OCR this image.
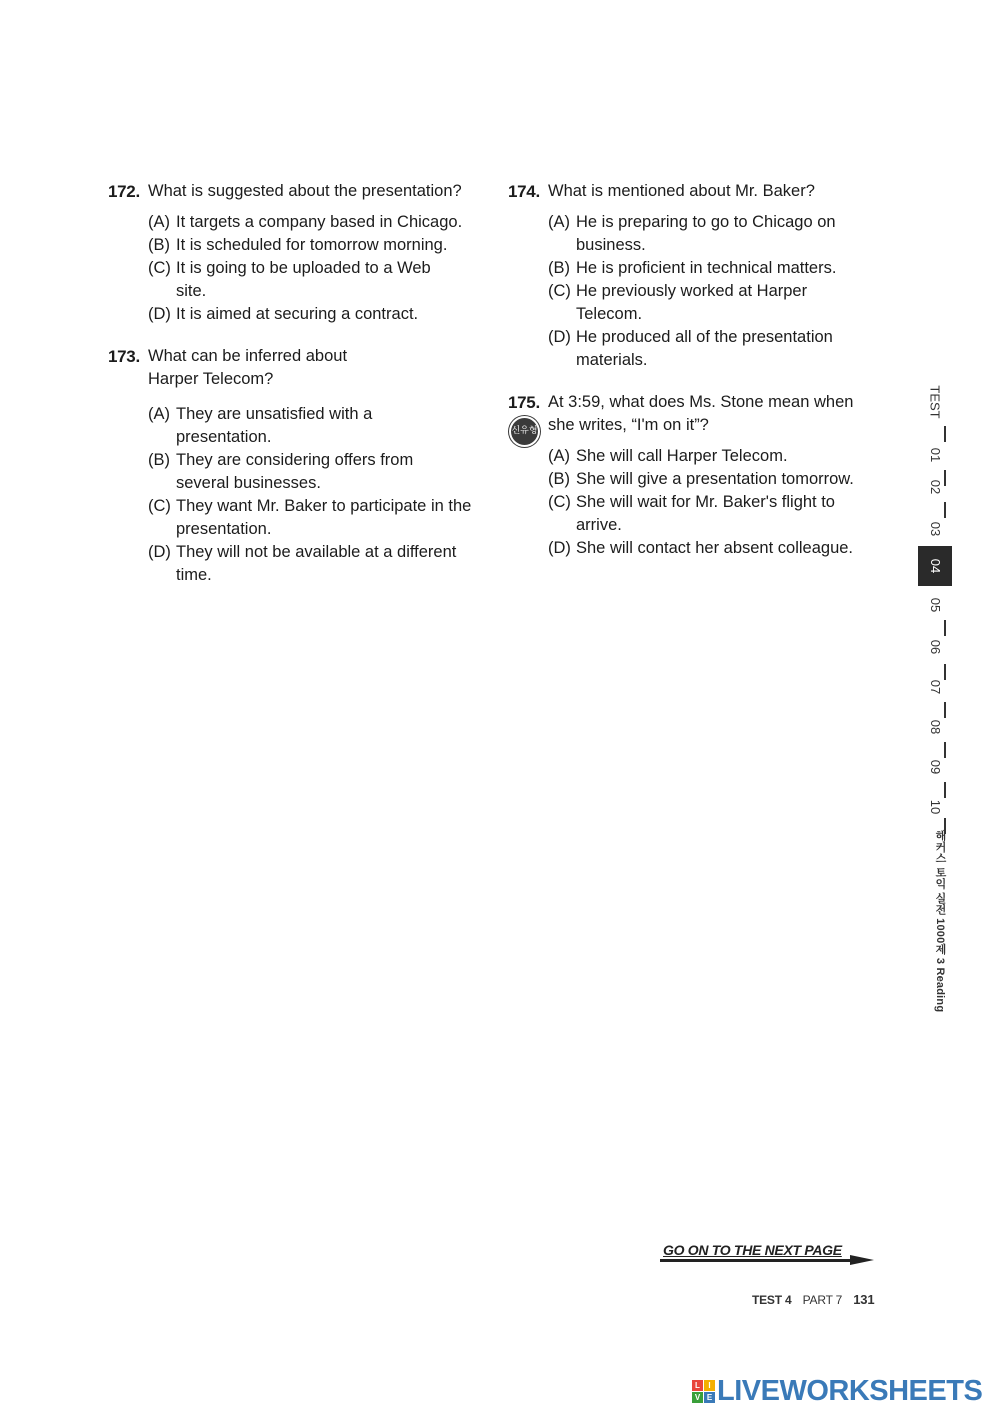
172. What is suggested about the presentation?
(A) It targets a company based in Chicago.
(B) It is scheduled for tomorrow morning.
(C) It is going to be uploaded to a Web site.
(D) It is aimed at securing a contract.
173. What can be inferred about Harper Telecom?
(A) They are unsatisfied with a presentation.
(B) They are considering offers from several businesses.
(C) They want Mr. Baker to participate in the presentation.
(D) They will not be available at a different time.
174. What is mentioned about Mr. Baker?
(A) He is preparing to go to Chicago on business.
(B) He is proficient in technical matters.
(C) He previously worked at Harper Telecom.
(D) He produced all of the presentation materials.
175.
신유형
At 3:59, what does Ms. Stone mean when she writes, “I'm on it”?
(A) She will call Harper Telecom.
(B) She will give a presentation tomorrow.
(C) She will wait for Mr. Baker's flight to arrive.
(D) She will contact her absent colleague.
TEST
01
02
03
04
05
06
07
08
09
10
해커스 토익 실전 1000제 3 Reading
GO ON TO THE NEXT PAGE
TEST 4 PART 7 131
L	I
V E LIVEWORKSHEETS
